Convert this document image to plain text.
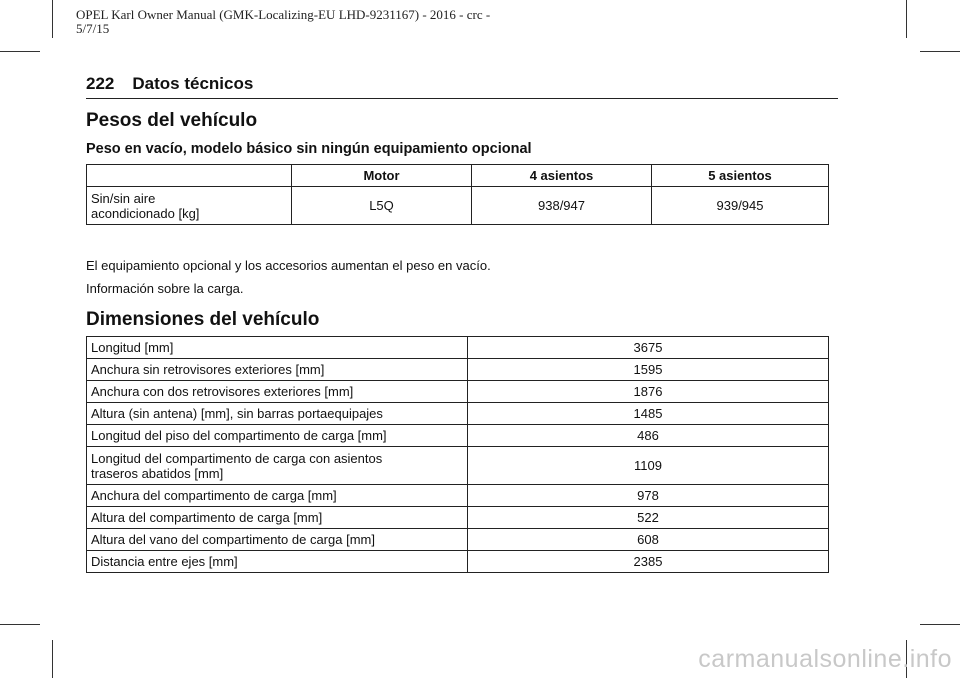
OPEL Karl Owner Manual (GMK-Localizing-EU LHD-9231167) - 2016 - crc - 5/7/15
222 Datos técnicos
Pesos del vehículo
Peso en vacío, modelo básico sin ningún equipamiento opcional
	Motor	4 asientos	5 asientos
Sin/sin aire
acondicionado [kg]	L5Q	938/947	939/945
El equipamiento opcional y los accesorios aumentan el peso en vacío.
Información sobre la carga.
Dimensiones del vehículo
Longitud [mm]	3675
Anchura sin retrovisores exteriores [mm]	1595
Anchura con dos retrovisores exteriores [mm]	1876
Altura (sin antena) [mm], sin barras portaequipajes	1485
Longitud del piso del compartimento de carga [mm]	486
Longitud del compartimento de carga con asientos
traseros abatidos [mm]	1109
Anchura del compartimento de carga [mm]	978
Altura del compartimento de carga [mm]	522
Altura del vano del compartimento de carga [mm]	608
Distancia entre ejes [mm]	2385
carmanualsonline.info
